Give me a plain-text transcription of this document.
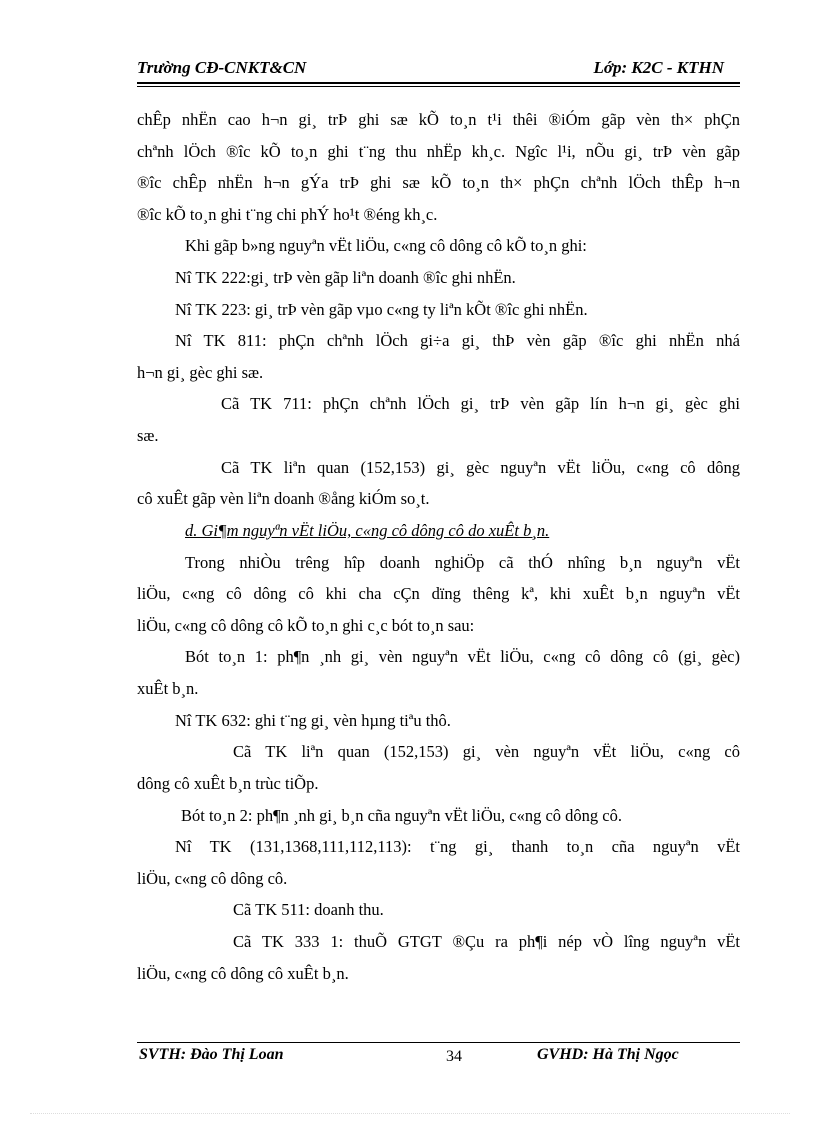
Trường CĐ-CNKT&CN	Lớp: K2C - KTHN
chÊp nhËn cao h¬n gi¸ trÞ ghi sæ kÕ to¸n t¹i thêi ®iÓm gãp vèn th× phÇn
chªnh lÖch ®îc kÕ to¸n ghi t¨ng thu nhËp kh¸c. Ngîc l¹i, nÕu gi¸ trÞ vèn gãp
®îc chÊp nhËn h¬n gÝa trÞ ghi sæ kÕ to¸n th× phÇn chªnh lÖch thÊp h¬n
®îc kÕ to¸n ghi t¨ng chi phÝ ho¹t ®éng kh¸c.
Khi gãp b»ng nguyªn vËt liÖu, c«ng cô dông cô kÕ to¸n ghi:
Nî TK 222:gi¸ trÞ vèn gãp liªn doanh ®îc ghi nhËn.
Nî TK 223: gi¸ trÞ vèn gãp vµo c«ng ty liªn kÕt ®îc ghi nhËn.
Nî TK 811: phÇn chªnh lÖch gi÷a gi¸ thÞ vèn gãp ®îc ghi nhËn nhá
h¬n gi¸ gèc ghi sæ.
Cã TK 711: phÇn chªnh lÖch gi¸ trÞ vèn gãp lín h¬n gi¸ gèc ghi
sæ.
Cã TK liªn quan (152,153) gi¸ gèc nguyªn vËt liÖu, c«ng cô dông
cô xuÊt gãp vèn liªn doanh ®ång kiÓm so¸t.
d. Gi¶m nguyªn vËt liÖu, c«ng cô dông cô do xuÊt b¸n.
Trong nhiÒu trêng hîp doanh nghiÖp cã thÓ nhîng b¸n nguyªn vËt
liÖu, c«ng cô dông cô khi cha cÇn dïng thêng kª, khi xuÊt b¸n nguyªn vËt
liÖu, c«ng cô dông cô kÕ to¸n ghi c¸c bót to¸n sau:
Bót to¸n 1: ph¶n ¸nh gi¸ vèn nguyªn vËt liÖu, c«ng cô dông cô (gi¸ gèc)
xuÊt b¸n.
Nî TK 632: ghi t¨ng gi¸ vèn hµng tiªu thô.
Cã TK liªn quan (152,153) gi¸ vèn nguyªn vËt liÖu, c«ng cô
dông cô xuÊt b¸n trùc tiÕp.
Bót to¸n 2: ph¶n ¸nh gi¸ b¸n cña nguyªn vËt liÖu, c«ng cô dông cô.
Nî TK (131,1368,111,112,113): t¨ng gi¸ thanh to¸n cña nguyªn vËt
liÖu, c«ng cô dông cô.
Cã TK 511: doanh thu.
Cã TK 333 1: thuÕ GTGT ®Çu ra ph¶i nép vÒ lîng nguyªn vËt
liÖu, c«ng cô dông cô xuÊt b¸n.
SVTH: Đào Thị Loan	34	GVHD: Hà Thị Ngọc
